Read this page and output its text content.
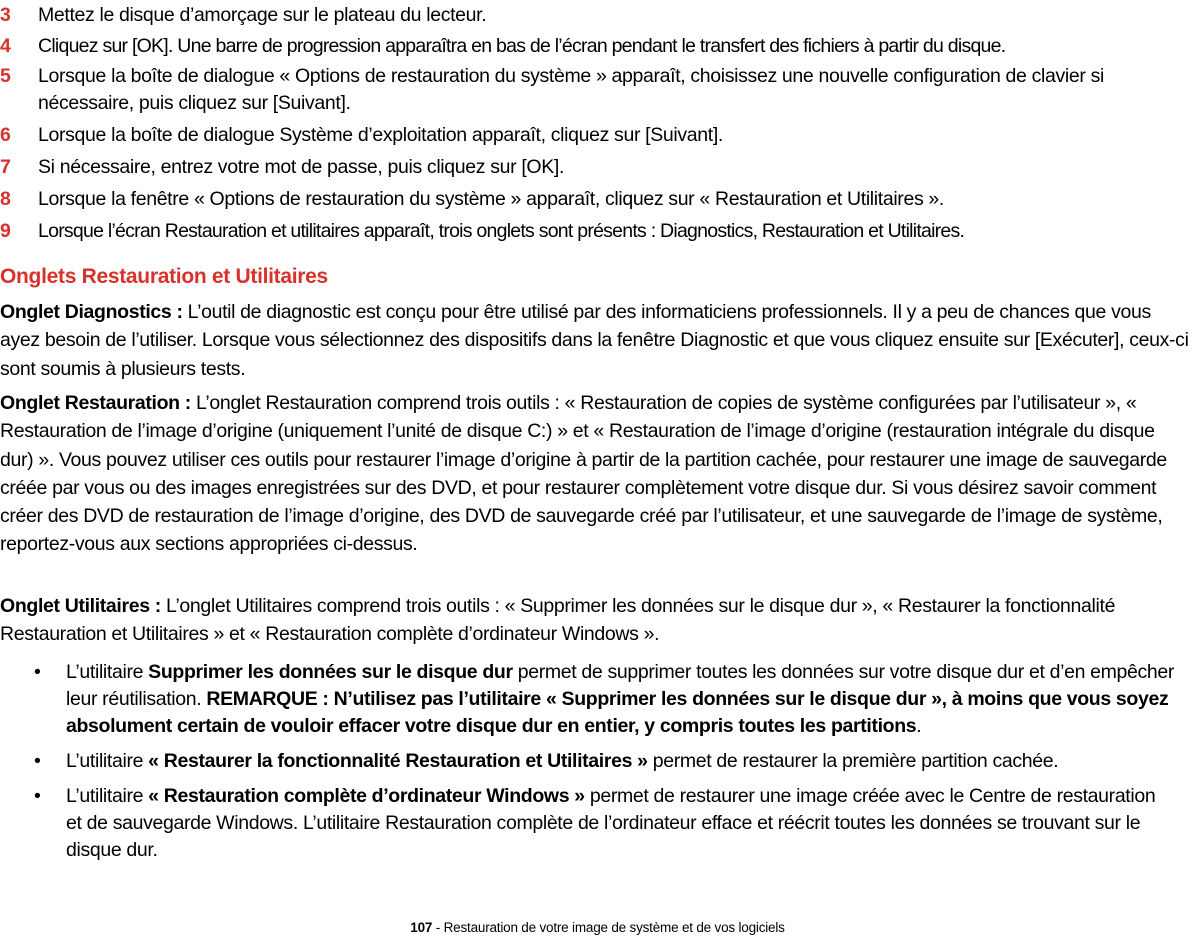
3	Mettez le disque d’amorçage sur le plateau du lecteur.
4	Cliquez sur [OK]. Une barre de progression apparaîtra en bas de l’écran pendant le transfert des fichiers à partir du disque.
5	Lorsque la boîte de dialogue « Options de restauration du système » apparaît, choisissez une nouvelle configuration de clavier si nécessaire, puis cliquez sur [Suivant].
6	Lorsque la boîte de dialogue Système d’exploitation apparaît, cliquez sur [Suivant].
7	Si nécessaire, entrez votre mot de passe, puis cliquez sur [OK].
8	Lorsque la fenêtre « Options de restauration du système » apparaît, cliquez sur « Restauration et Utilitaires ».
9	Lorsque l’écran Restauration et utilitaires apparaît, trois onglets sont présents : Diagnostics, Restauration et Utilitaires.
Onglets Restauration et Utilitaires
Onglet Diagnostics : L’outil de diagnostic est conçu pour être utilisé par des informaticiens professionnels. Il y a peu de chances que vous ayez besoin de l’utiliser. Lorsque vous sélectionnez des dispositifs dans la fenêtre Diagnostic et que vous cliquez ensuite sur [Exécuter], ceux-ci sont soumis à plusieurs tests.
Onglet Restauration : L’onglet Restauration comprend trois outils : « Restauration de copies de système configurées par l’utilisateur », « Restauration de l’image d’origine (uniquement l’unité de disque C:) » et « Restauration de l’image d’origine (restauration intégrale du disque dur) ». Vous pouvez utiliser ces outils pour restaurer l’image d’origine à partir de la partition cachée, pour restaurer une image de sauvegarde créée par vous ou des images enregistrées sur des DVD, et pour restaurer complètement votre disque dur. Si vous désirez savoir comment créer des DVD de restauration de l’image d’origine, des DVD de sauvegarde créé par l’utilisateur, et une sauvegarde de l’image de système, reportez-vous aux sections appropriées ci-dessus.
Onglet Utilitaires : L’onglet Utilitaires comprend trois outils : « Supprimer les données sur le disque dur », « Restaurer la fonctionnalité Restauration et Utilitaires » et « Restauration complète d’ordinateur Windows ».
• L’utilitaire Supprimer les données sur le disque dur permet de supprimer toutes les données sur votre disque dur et d’en empêcher leur réutilisation. REMARQUE : N’utilisez pas l’utilitaire « Supprimer les données sur le disque dur », à moins que vous soyez absolument certain de vouloir effacer votre disque dur en entier, y compris toutes les partitions.
• L’utilitaire « Restaurer la fonctionnalité Restauration et Utilitaires » permet de restaurer la première partition cachée.
• L’utilitaire « Restauration complète d’ordinateur Windows » permet de restaurer une image créée avec le Centre de restauration et de sauvegarde Windows. L’utilitaire Restauration complète de l’ordinateur efface et réécrit toutes les données se trouvant sur le disque dur.
107 - Restauration de votre image de système et de vos logiciels
